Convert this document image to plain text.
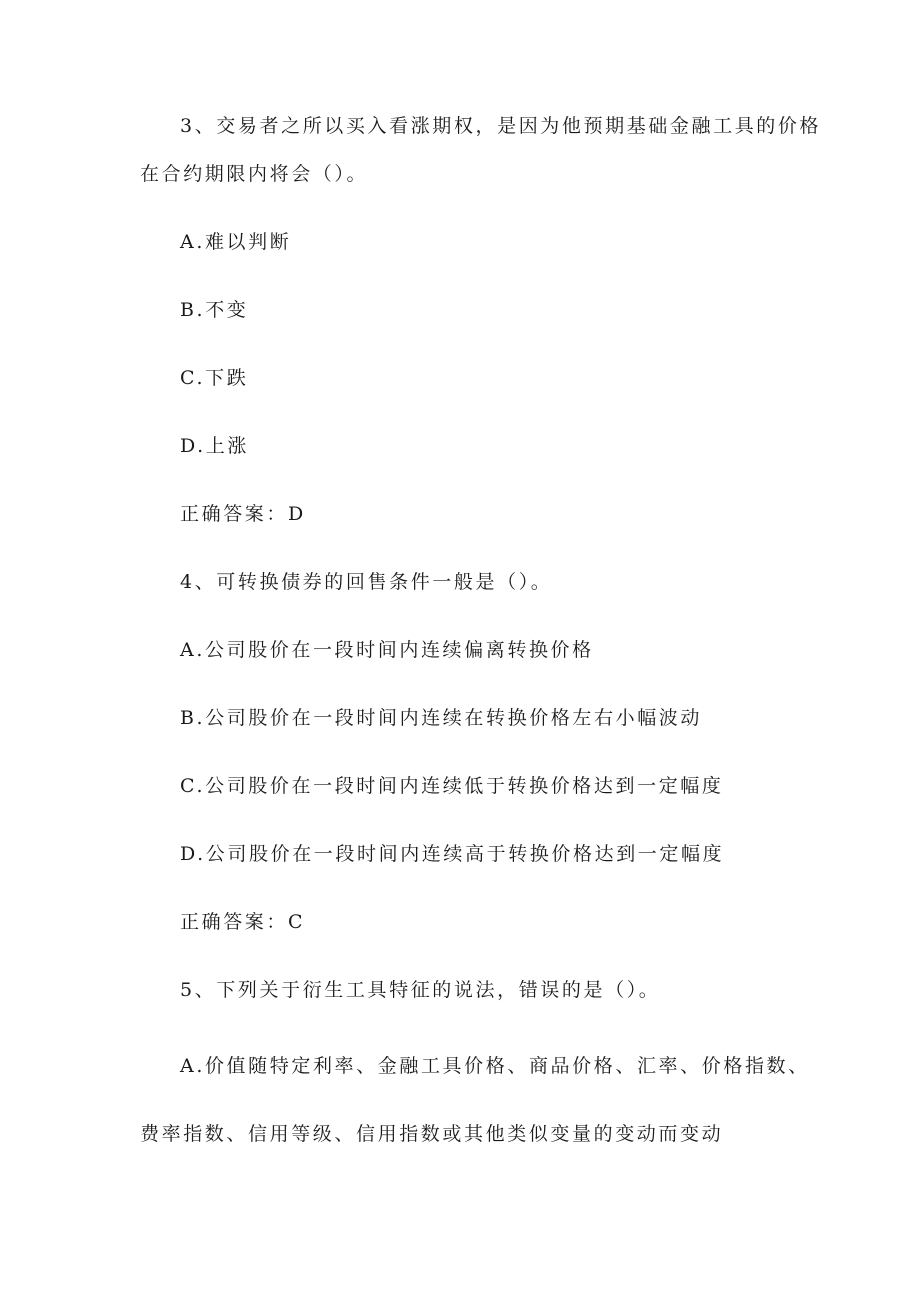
3、交易者之所以买入看涨期权，是因为他预期基础金融工具的价格
在合约期限内将会（）。
A.难以判断
B.不变
C.下跌
D.上涨
正确答案：D
4、可转换债券的回售条件一般是（）。
A.公司股价在一段时间内连续偏离转换价格
B.公司股价在一段时间内连续在转换价格左右小幅波动
C.公司股价在一段时间内连续低于转换价格达到一定幅度
D.公司股价在一段时间内连续高于转换价格达到一定幅度
正确答案：C
5、下列关于衍生工具特征的说法，错误的是（）。
A.价值随特定利率、金融工具价格、商品价格、汇率、价格指数、
费率指数、信用等级、信用指数或其他类似变量的变动而变动
